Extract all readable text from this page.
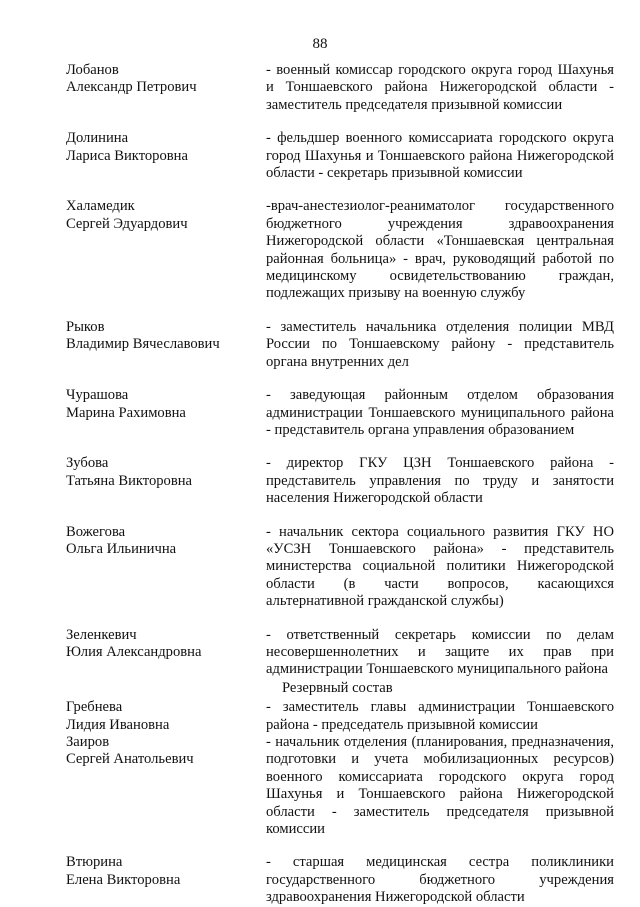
88
Лобанов
Александр Петрович
- военный комиссар городского округа город Шахунья и Тоншаевского района Нижегородской области - заместитель председателя призывной комиссии
Долинина
Лариса Викторовна
- фельдшер военного комиссариата городского округа город Шахунья и Тоншаевского района Нижегородской области - секретарь призывной комиссии
Халамедик
Сергей Эдуардович
-врач-анестезиолог-реаниматолог государственного бюджетного учреждения здравоохранения Нижегородской области «Тоншаевская центральная районная больница» - врач, руководящий работой по медицинскому освидетельствованию граждан, подлежащих призыву на военную службу
Рыков
Владимир Вячеславович
- заместитель начальника отделения полиции МВД России по Тоншаевскому району - представитель органа внутренних дел
Чурашова
Марина Рахимовна
- заведующая районным отделом образования администрации Тоншаевского муниципального района - представитель органа управления образованием
Зубова
Татьяна Викторовна
- директор ГКУ ЦЗН Тоншаевского района - представитель управления по труду и занятости населения Нижегородской области
Вожегова
Ольга Ильинична
- начальник сектора социального развития ГКУ НО «УСЗН Тоншаевского района» - представитель министерства социальной политики Нижегородской области (в части вопросов, касающихся альтернативной гражданской службы)
Зеленкевич
Юлия Александровна
- ответственный секретарь комиссии по делам несовершеннолетних и защите их прав при администрации Тоншаевского муниципального района
Резервный состав
Гребнева
Лидия Ивановна
- заместитель главы администрации Тоншаевского района - председатель призывной комиссии
Заиров
Сергей Анатольевич
- начальник отделения (планирования, предназначения, подготовки и учета мобилизационных ресурсов) военного комиссариата городского округа город Шахунья и Тоншаевского района Нижегородской области - заместитель председателя призывной комиссии
Втюрина
Елена Викторовна
- старшая медицинская сестра поликлиники государственного бюджетного учреждения здравоохранения Нижегородской области
